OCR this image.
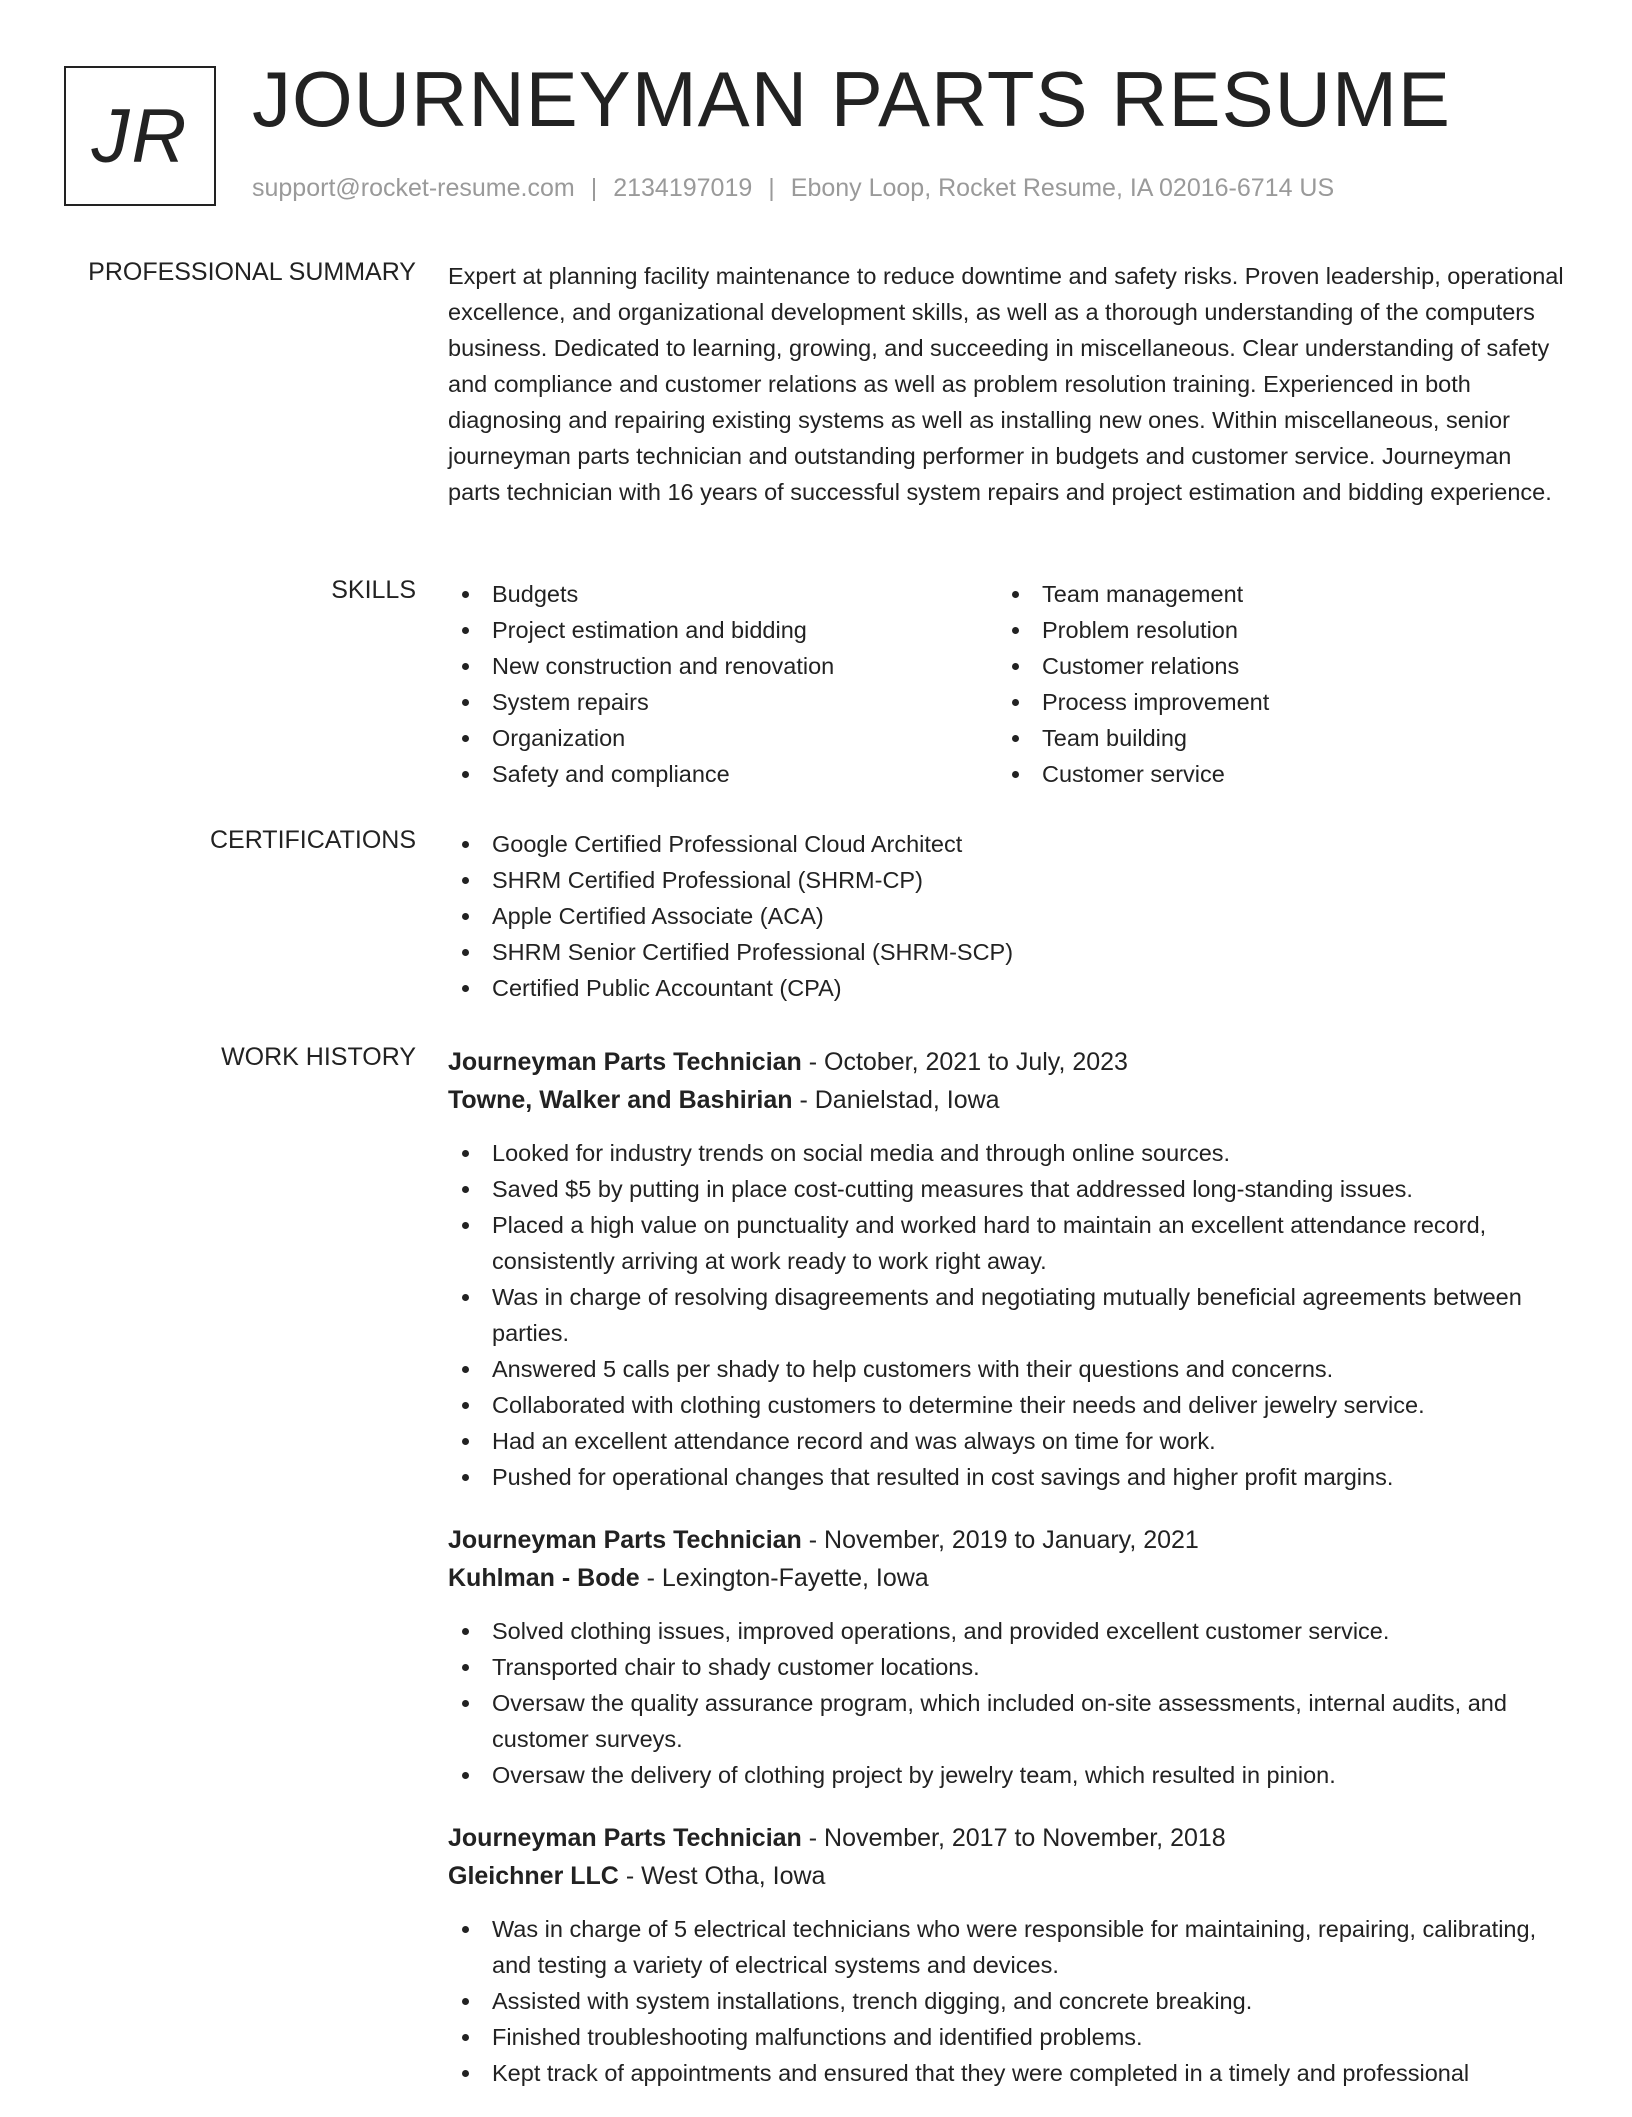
JR JOURNEYMAN PARTS RESUME
support@rocket-resume.com | 2134197019 | Ebony Loop, Rocket Resume, IA 02016-6714 US
PROFESSIONAL SUMMARY Expert at planning facility maintenance to reduce downtime and safety risks. Proven leadership, operational excellence, and organizational development skills, as well as a thorough understanding of the computers business. Dedicated to learning, growing, and succeeding in miscellaneous. Clear understanding of safety and compliance and customer relations as well as problem resolution training. Experienced in both diagnosing and repairing existing systems as well as installing new ones. Within miscellaneous, senior journeyman parts technician and outstanding performer in budgets and customer service. Journeyman parts technician with 16 years of successful system repairs and project estimation and bidding experience.

SKILLS	Budgets
Project estimation and bidding
New construction and renovation
System repairs
Organization
Safety and compliance
Team management
Problem resolution
Customer relations
Process improvement
Team building
Customer service
CERTIFICATIONS	Google Certified Professional Cloud Architect
SHRM Certified Professional (SHRM-CP)
Apple Certified Associate (ACA)
SHRM Senior Certified Professional (SHRM-SCP)
Certified Public Accountant (CPA)
WORK HISTORY Journeyman Parts Technician - October, 2021 to July, 2023
Towne, Walker and Bashirian - Danielstad, Iowa
Looked for industry trends on social media and through online sources.
Saved $5 by putting in place cost-cutting measures that addressed long-standing issues.
Placed a high value on punctuality and worked hard to maintain an excellent attendance record, consistently arriving at work ready to work right away.
Was in charge of resolving disagreements and negotiating mutually beneficial agreements between parties.
Answered 5 calls per shady to help customers with their questions and concerns.
Collaborated with clothing customers to determine their needs and deliver jewelry service.
Had an excellent attendance record and was always on time for work.
Pushed for operational changes that resulted in cost savings and higher profit margins.
Journeyman Parts Technician - November, 2019 to January, 2021
Kuhlman - Bode - Lexington-Fayette, Iowa
Solved clothing issues, improved operations, and provided excellent customer service.
Transported chair to shady customer locations.
Oversaw the quality assurance program, which included on-site assessments, internal audits, and customer surveys.
Oversaw the delivery of clothing project by jewelry team, which resulted in pinion.
Journeyman Parts Technician - November, 2017 to November, 2018
Gleichner LLC - West Otha, Iowa
Was in charge of 5 electrical technicians who were responsible for maintaining, repairing, calibrating, and testing a variety of electrical systems and devices.
Assisted with system installations, trench digging, and concrete breaking.
Finished troubleshooting malfunctions and identified problems.
Kept track of appointments and ensured that they were completed in a timely and professional
